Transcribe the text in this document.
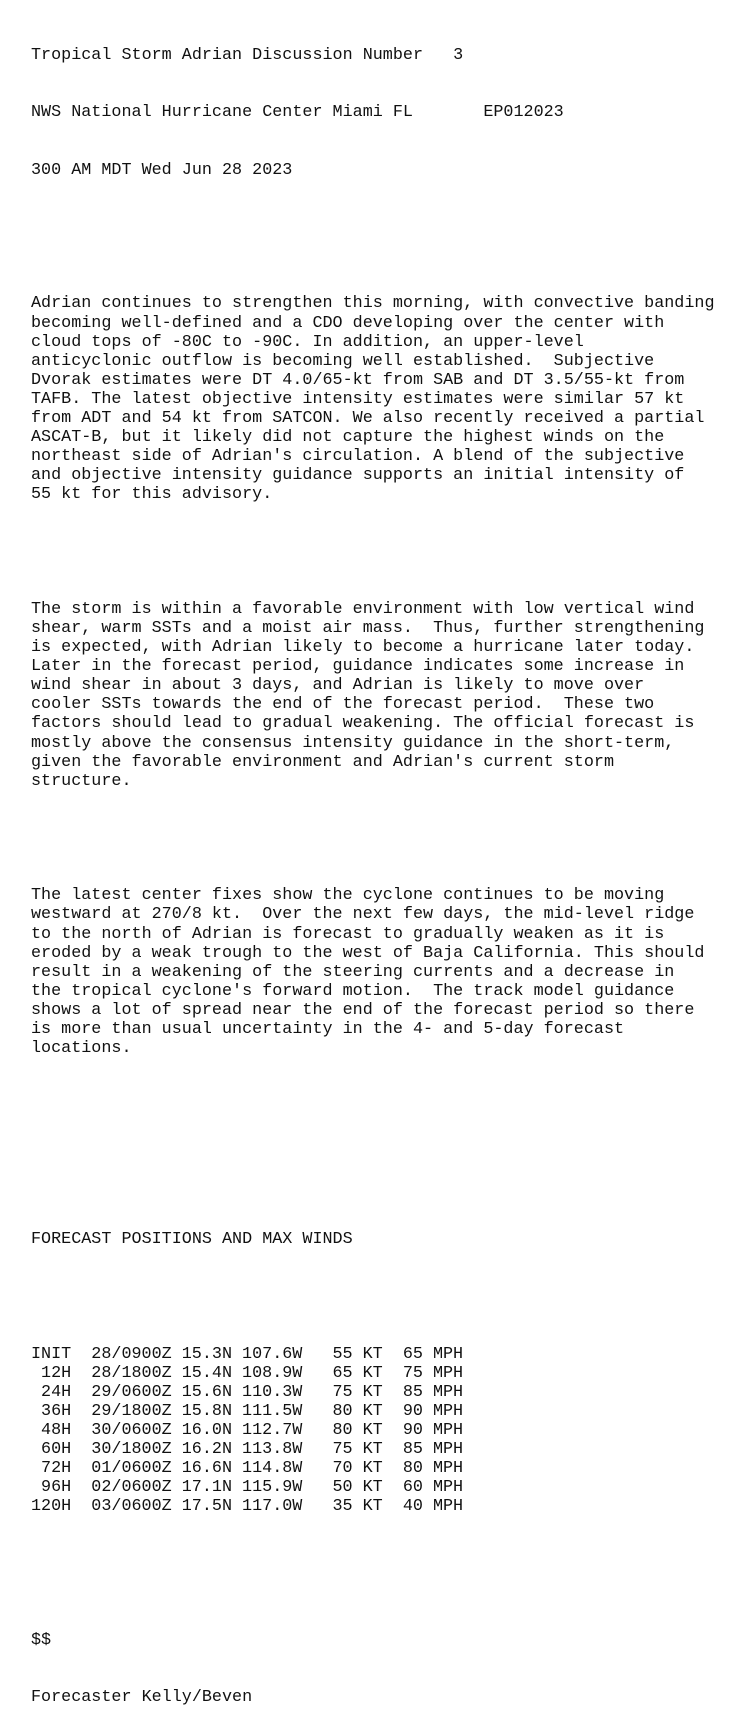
Tropical Storm Adrian Discussion Number   3

NWS National Hurricane Center Miami FL       EP012023

300 AM MDT Wed Jun 28 2023

Adrian continues to strengthen this morning, with convective banding
becoming well-defined and a CDO developing over the center with
cloud tops of -80C to -90C. In addition, an upper-level
anticyclonic outflow is becoming well established.  Subjective
Dvorak estimates were DT 4.0/65-kt from SAB and DT 3.5/55-kt from
TAFB. The latest objective intensity estimates were similar 57 kt
from ADT and 54 kt from SATCON. We also recently received a partial
ASCAT-B, but it likely did not capture the highest winds on the
northeast side of Adrian's circulation. A blend of the subjective
and objective intensity guidance supports an initial intensity of
55 kt for this advisory.

The storm is within a favorable environment with low vertical wind
shear, warm SSTs and a moist air mass.  Thus, further strengthening
is expected, with Adrian likely to become a hurricane later today.
Later in the forecast period, guidance indicates some increase in
wind shear in about 3 days, and Adrian is likely to move over
cooler SSTs towards the end of the forecast period.  These two
factors should lead to gradual weakening. The official forecast is
mostly above the consensus intensity guidance in the short-term,
given the favorable environment and Adrian's current storm
structure.

The latest center fixes show the cyclone continues to be moving
westward at 270/8 kt.  Over the next few days, the mid-level ridge
to the north of Adrian is forecast to gradually weaken as it is
eroded by a weak trough to the west of Baja California. This should
result in a weakening of the steering currents and a decrease in
the tropical cyclone's forward motion.  The track model guidance
shows a lot of spread near the end of the forecast period so there
is more than usual uncertainty in the 4- and 5-day forecast
locations.

FORECAST POSITIONS AND MAX WINDS

INIT 28/0900Z 15.3N 107.6W 55 KT 65 MPH
12H 28/1800Z 15.4N 108.9W 65 KT 75 MPH
24H 29/0600Z 15.6N 110.3W 75 KT 85 MPH
36H 29/1800Z 15.8N 111.5W 80 KT 90 MPH
48H 30/0600Z 16.0N 112.7W 80 KT 90 MPH
60H 30/1800Z 16.2N 113.8W 75 KT 85 MPH
72H 01/0600Z 16.6N 114.8W 70 KT 80 MPH
96H 02/0600Z 17.1N 115.9W 50 KT 60 MPH
120H 03/0600Z 17.5N 117.0W 35 KT 40 MPH

$$

Forecaster Kelly/Beven
